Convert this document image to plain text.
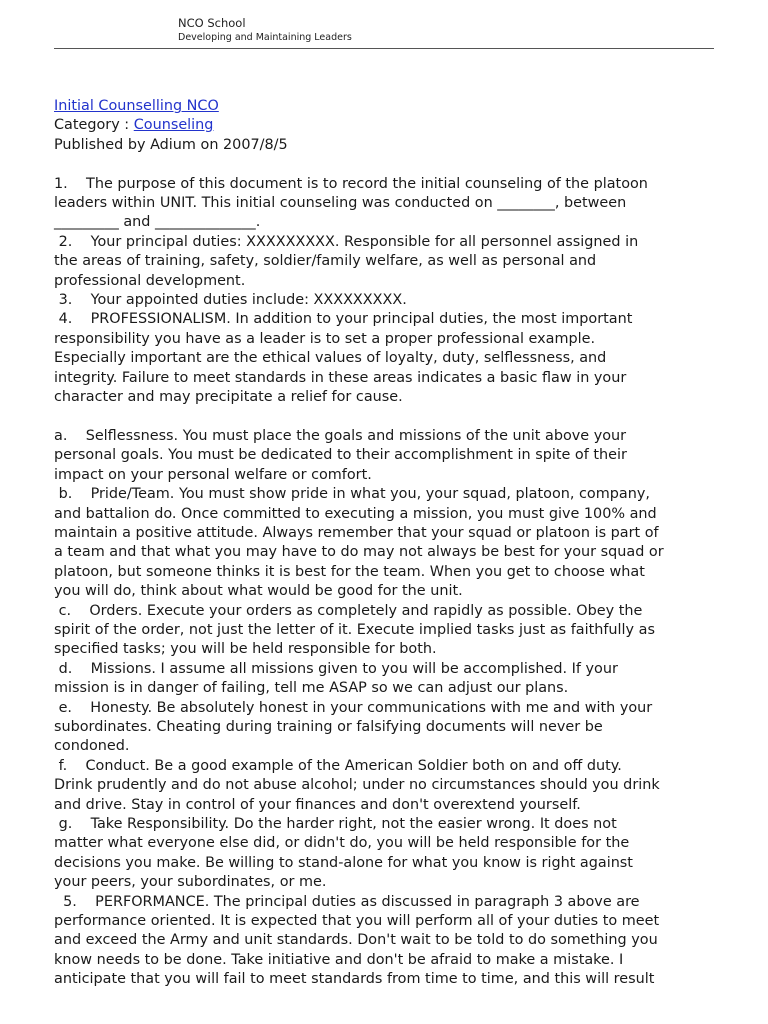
NCO School
Developing and Maintaining Leaders
Initial Counselling NCO
Category : Counseling
Published by Adium on 2007/8/5
1.    The purpose of this document is to record the initial counseling of the platoon
leaders within UNIT. This initial counseling was conducted on ________, between
_________ and ______________.
2.    Your principal duties: XXXXXXXXX. Responsible for all personnel assigned in
the areas of training, safety, soldier/family welfare, as well as personal and
professional development.
3.    Your appointed duties include: XXXXXXXXX.
4.    PROFESSIONALISM. In addition to your principal duties, the most important
responsibility you have as a leader is to set a proper professional example.
Especially important are the ethical values of loyalty, duty, selflessness, and
integrity. Failure to meet standards in these areas indicates a basic flaw in your
character and may precipitate a relief for cause.
a.    Selflessness. You must place the goals and missions of the unit above your
personal goals. You must be dedicated to their accomplishment in spite of their
impact on your personal welfare or comfort.
b.    Pride/Team. You must show pride in what you, your squad, platoon, company,
and battalion do. Once committed to executing a mission, you must give 100% and
maintain a positive attitude. Always remember that your squad or platoon is part of
a team and that what you may have to do may not always be best for your squad or
platoon, but someone thinks it is best for the team. When you get to choose what
you will do, think about what would be good for the unit.
c.    Orders. Execute your orders as completely and rapidly as possible. Obey the
spirit of the order, not just the letter of it. Execute implied tasks just as faithfully as
specified tasks; you will be held responsible for both.
d.    Missions. I assume all missions given to you will be accomplished. If your
mission is in danger of failing, tell me ASAP so we can adjust our plans.
e.    Honesty. Be absolutely honest in your communications with me and with your
subordinates. Cheating during training or falsifying documents will never be
condoned.
f.    Conduct. Be a good example of the American Soldier both on and off duty.
Drink prudently and do not abuse alcohol; under no circumstances should you drink
and drive. Stay in control of your finances and don't overextend yourself.
g.    Take Responsibility. Do the harder right, not the easier wrong. It does not
matter what everyone else did, or didn't do, you will be held responsible for the
decisions you make. Be willing to stand-alone for what you know is right against
your peers, your subordinates, or me.
5.    PERFORMANCE. The principal duties as discussed in paragraph 3 above are
performance oriented. It is expected that you will perform all of your duties to meet
and exceed the Army and unit standards. Don't wait to be told to do something you
know needs to be done. Take initiative and don't be afraid to make a mistake. I
anticipate that you will fail to meet standards from time to time, and this will result
